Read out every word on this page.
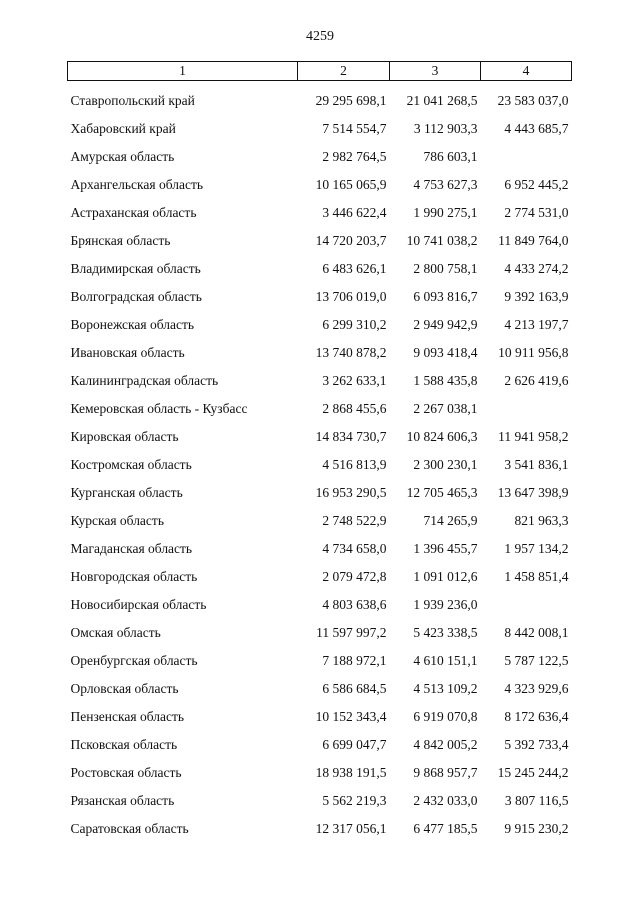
4259
1	2	3	4

Ставропольский край	29 295 698,1	21 041 268,5	23 583 037,0
Хабаровский край	7 514 554,7	3 112 903,3	4 443 685,7
Амурская область	2 982 764,5	786 603,1	
Архангельская область	10 165 065,9	4 753 627,3	6 952 445,2
Астраханская область	3 446 622,4	1 990 275,1	2 774 531,0
Брянская область	14 720 203,7	10 741 038,2	11 849 764,0
Владимирская область	6 483 626,1	2 800 758,1	4 433 274,2
Волгоградская область	13 706 019,0	6 093 816,7	9 392 163,9
Воронежская область	6 299 310,2	2 949 942,9	4 213 197,7
Ивановская область	13 740 878,2	9 093 418,4	10 911 956,8
Калининградская область	3 262 633,1	1 588 435,8	2 626 419,6
Кемеровская область - Кузбасс	2 868 455,6	2 267 038,1	
Кировская область	14 834 730,7	10 824 606,3	11 941 958,2
Костромская область	4 516 813,9	2 300 230,1	3 541 836,1
Курганская область	16 953 290,5	12 705 465,3	13 647 398,9
Курская область	2 748 522,9	714 265,9	821 963,3
Магаданская область	4 734 658,0	1 396 455,7	1 957 134,2
Новгородская область	2 079 472,8	1 091 012,6	1 458 851,4
Новосибирская область	4 803 638,6	1 939 236,0	
Омская область	11 597 997,2	5 423 338,5	8 442 008,1
Оренбургская область	7 188 972,1	4 610 151,1	5 787 122,5
Орловская область	6 586 684,5	4 513 109,2	4 323 929,6
Пензенская область	10 152 343,4	6 919 070,8	8 172 636,4
Псковская область	6 699 047,7	4 842 005,2	5 392 733,4
Ростовская область	18 938 191,5	9 868 957,7	15 245 244,2
Рязанская область	5 562 219,3	2 432 033,0	3 807 116,5
Саратовская область	12 317 056,1	6 477 185,5	9 915 230,2
